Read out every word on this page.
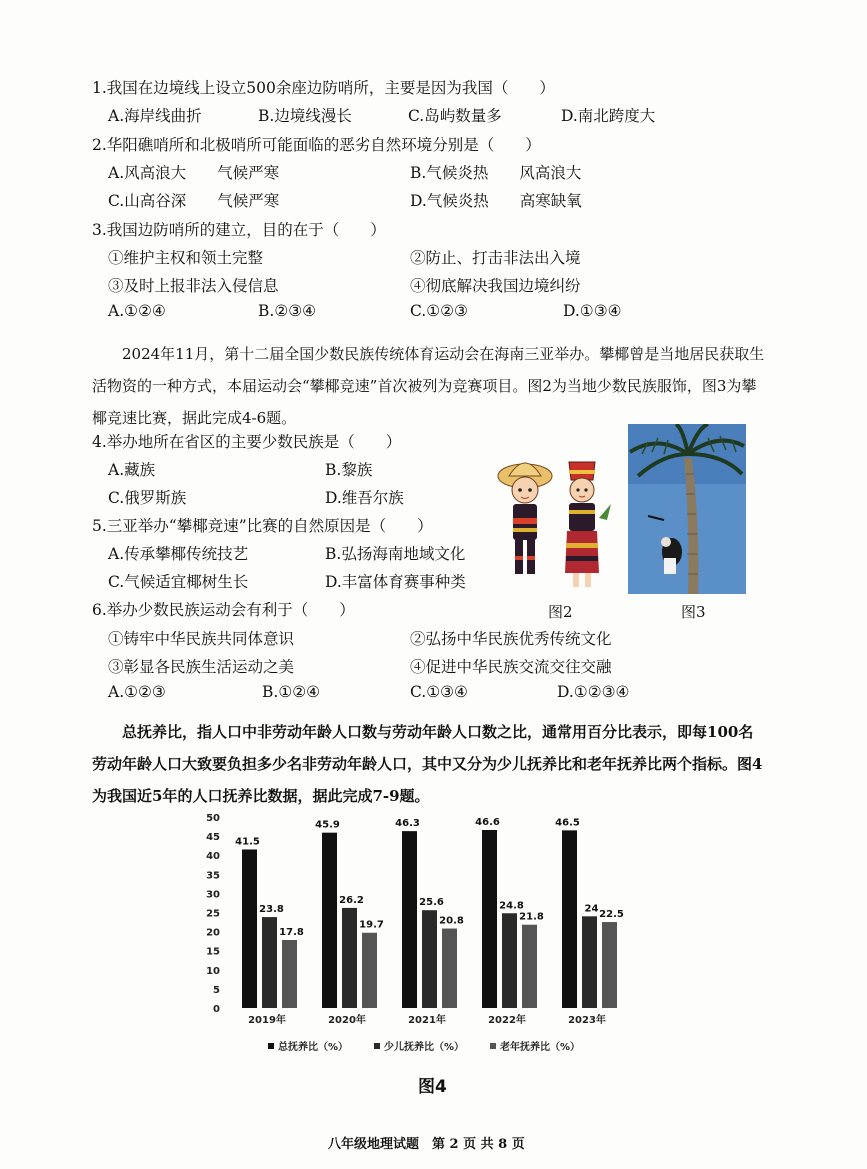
1.我国在边境线上设立500余座边防哨所，主要是因为我国（　　）
A.海岸线曲折	B.边境线漫长	C.岛屿数量多	D.南北跨度大
2.华阳礁哨所和北极哨所可能面临的恶劣自然环境分别是（　　）
A.风高浪大　　气候严寒	B.气候炎热　　风高浪大
C.山高谷深　　气候严寒	D.气候炎热　　高寒缺氧
3.我国边防哨所的建立，目的在于（　　）
①维护主权和领土完整	②防止、打击非法出入境
③及时上报非法入侵信息	④彻底解决我国边境纠纷
A.①②④	B.②③④	C.①②③	D.①③④
2024年11月，第十二届全国少数民族传统体育运动会在海南三亚举办。攀椰曾是当地居民获取生活物资的一种方式，本届运动会“攀椰竞速”首次被列为竞赛项目。图2为当地少数民族服饰，图3为攀椰竞速比赛，据此完成4-6题。
4.举办地所在省区的主要少数民族是（　　）
A.藏族	B.黎族
C.俄罗斯族	D.维吾尔族
5.三亚举办“攀椰竞速”比赛的自然原因是（　　）
A.传承攀椰传统技艺	B.弘扬海南地域文化
C.气候适宜椰树生长	D.丰富体育赛事种类
图2	图3
6.举办少数民族运动会有利于（　　）
①铸牢中华民族共同体意识	②弘扬中华民族优秀传统文化
③彰显各民族生活运动之美	④促进中华民族交流交往交融
A.①②③	B.①②④	C.①③④	D.①②③④
总抚养比，指人口中非劳动年龄人口数与劳动年龄人口数之比，通常用百分比表示，即每100名劳动年龄人口大致要负担多少名非劳动年龄人口，其中又分为少儿抚养比和老年抚养比两个指标。图4为我国近5年的人口抚养比数据，据此完成7-9题。
0
5
10
15
20
25
30
35
40
45
50
41.5
23.8
17.8
2019年
45.9
26.2
19.7
2020年
46.3
25.6
20.8
2021年
46.6
24.8
21.8
2022年
46.5
24
22.5
2023年
总抚养比（%）	少儿抚养比（%）	老年抚养比（%）
图4
八年级地理试题　第 2 页 共 8 页
